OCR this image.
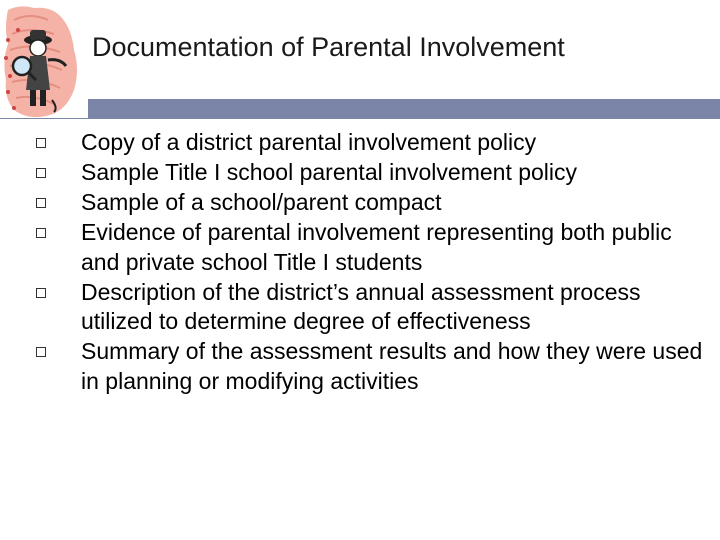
Documentation of Parental Involvement
Copy of a district parental involvement policy
Sample Title I school parental involvement policy
Sample of a school/parent compact
Evidence of parental involvement representing both public and private school Title I students
Description of the district’s annual assessment process utilized to determine degree of effectiveness
Summary of the assessment results and how they were used in planning or modifying activities
